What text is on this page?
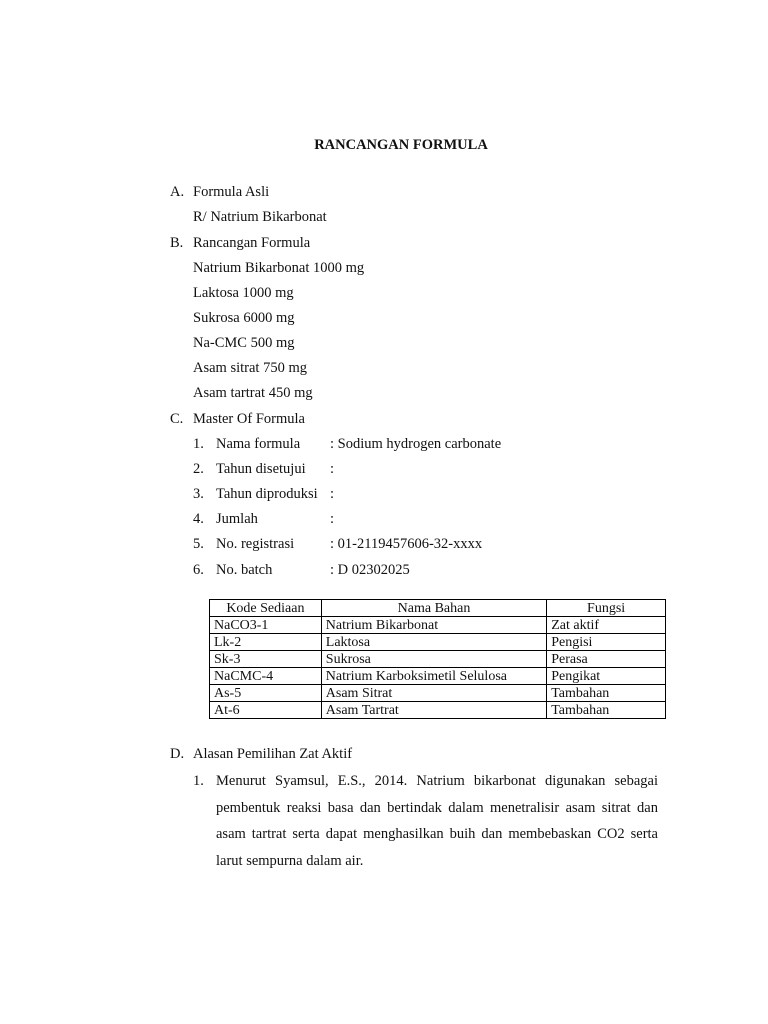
RANCANGAN FORMULA
A. Formula Asli
R/ Natrium Bikarbonat
B. Rancangan Formula
Natrium Bikarbonat 1000 mg
Laktosa 1000 mg
Sukrosa 6000 mg
Na-CMC 500 mg
Asam sitrat 750 mg
Asam tartrat 450 mg
C. Master Of Formula
1. Nama formula : Sodium hydrogen carbonate
2. Tahun disetujui :
3. Tahun diproduksi :
4. Jumlah	:
5. No. registrasi : 01-2119457606-32-xxxx
6. No. batch	: D 02302025
Kode Sediaan	Nama Bahan	Fungsi
NaCO3-1	Natrium Bikarbonat	Zat aktif
Lk-2	Laktosa	Pengisi
Sk-3	Sukrosa	Perasa
NaCMC-4	Natrium Karboksimetil Selulosa	Pengikat
As-5	Asam Sitrat	Tambahan
At-6	Asam Tartrat	Tambahan
D. Alasan Pemilihan Zat Aktif
1. Menurut Syamsul, E.S., 2014. Natrium bikarbonat digunakan sebagai pembentuk reaksi basa dan bertindak dalam menetralisir asam sitrat dan asam tartrat serta dapat menghasilkan buih dan membebaskan CO2 serta larut sempurna dalam air.
